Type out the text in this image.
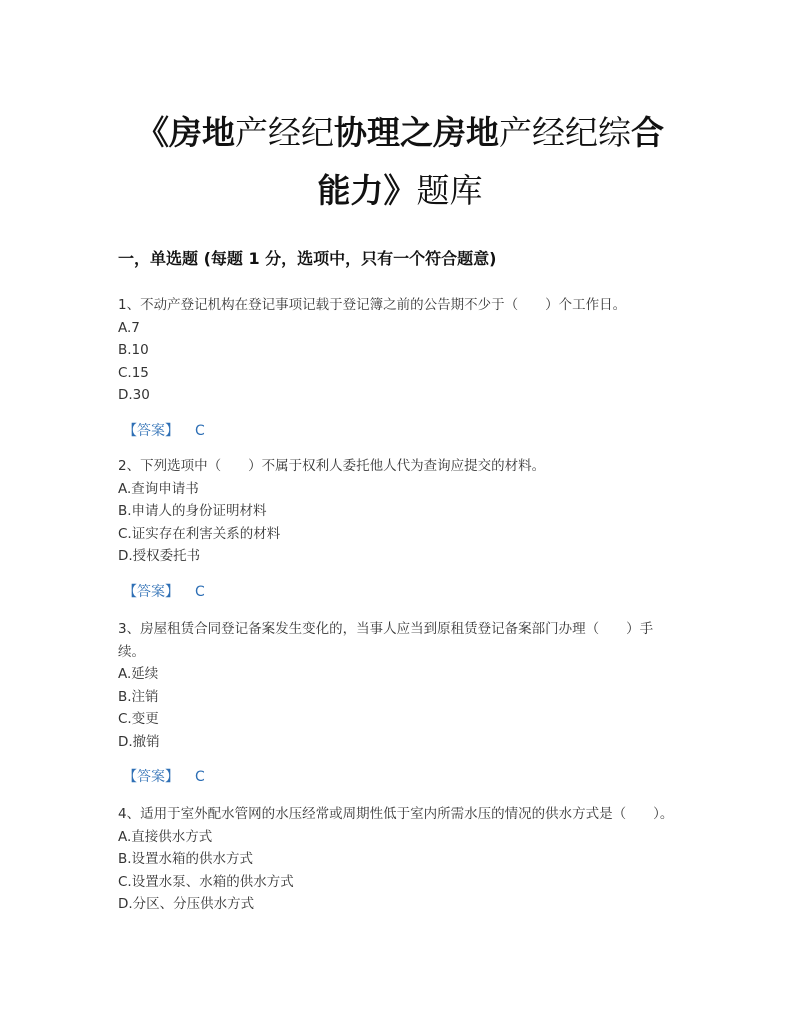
《房地产经纪协理之房地产经纪综合
能力》题库
一，单选题 (每题 1 分，选项中，只有一个符合题意)

1、不动产登记机构在登记事项记载于登记簿之前的公告期不少于（　　）个工作日。

A.7

B.10

C.15

D.30

【答案】 C

2、下列选项中（　　）不属于权利人委托他人代为查询应提交的材料。

A.查询申请书

B.申请人的身份证明材料

C.证实存在利害关系的材料

D.授权委托书

【答案】 C

3、房屋租赁合同登记备案发生变化的，当事人应当到原租赁登记备案部门办理（　　）手续。

A.延续

B.注销

C.变更

D.撤销

【答案】 C

4、适用于室外配水管网的水压经常或周期性低于室内所需水压的情况的供水方式是（　　）。

A.直接供水方式

B.设置水箱的供水方式

C.设置水泵、水箱的供水方式

D.分区、分压供水方式
